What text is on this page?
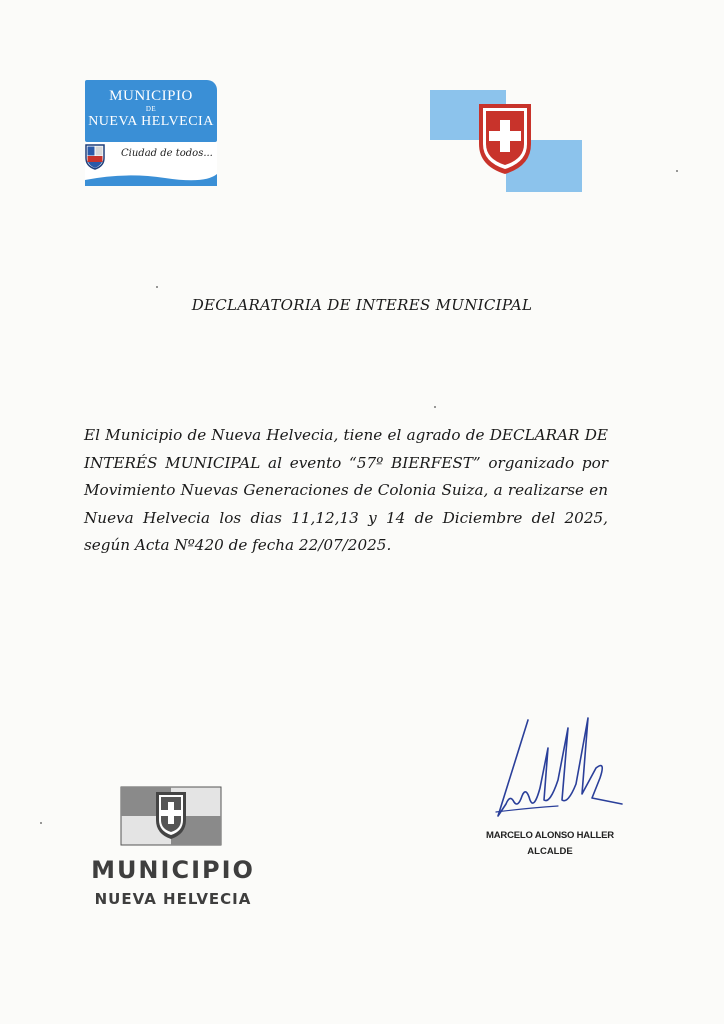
MUNICIPIO
DE
NUEVA HELVECIA
Ciudad de todos...
DECLARATORIA DE INTERES MUNICIPAL
El Municipio de Nueva Helvecia, tiene el agrado de DECLARAR DE INTERÉS MUNICIPAL al evento “57º BIERFEST” organizado por Movimiento Nuevas Generaciones de Colonia Suiza, a realizarse en Nueva Helvecia los dias 11,12,13 y 14 de Diciembre del 2025, según Acta Nº420 de fecha 22/07/2025.
MARCELO ALONSO HALLER
ALCALDE
MUNICIPIO
NUEVA HELVECIA
